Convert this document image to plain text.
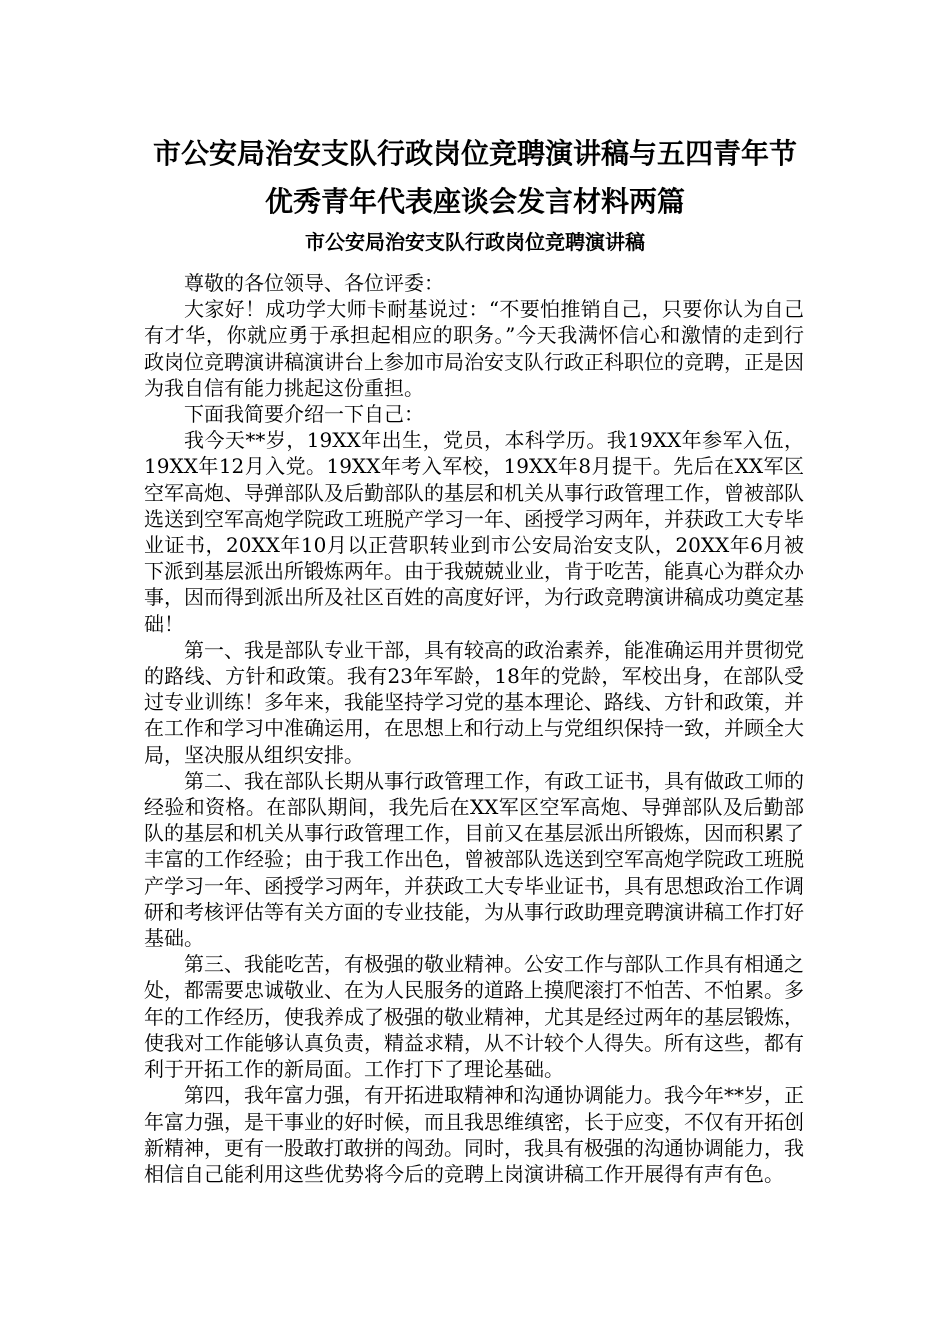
市公安局治安支队行政岗位竞聘演讲稿与五四青年节
优秀青年代表座谈会发言材料两篇
市公安局治安支队行政岗位竞聘演讲稿

尊敬的各位领导、各位评委：

大家好！成功学大师卡耐基说过：“不要怕推销自己，只要你认为自己有才华，你就应勇于承担起相应的职务。”今天我满怀信心和激情的走到行政岗位竞聘演讲稿演讲台上参加市局治安支队行政正科职位的竞聘，正是因为我自信有能力挑起这份重担。

下面我简要介绍一下自己：

我今天**岁，19XX年出生，党员，本科学历。我19XX年参军入伍，19XX年12月入党。19XX年考入军校，19XX年8月提干。先后在XX军区空军高炮、导弹部队及后勤部队的基层和机关从事行政管理工作，曾被部队选送到空军高炮学院政工班脱产学习一年、函授学习两年，并获政工大专毕业证书，20XX年10月以正营职转业到市公安局治安支队，20XX年6月被下派到基层派出所锻炼两年。由于我兢兢业业，肯于吃苦，能真心为群众办事，因而得到派出所及社区百姓的高度好评，为行政竞聘演讲稿成功奠定基础！

第一、我是部队专业干部，具有较高的政治素养，能准确运用并贯彻党的路线、方针和政策。我有23年军龄，18年的党龄，军校出身，在部队受过专业训练！多年来，我能坚持学习党的基本理论、路线、方针和政策，并在工作和学习中准确运用，在思想上和行动上与党组织保持一致，并顾全大局，坚决服从组织安排。

第二、我在部队长期从事行政管理工作，有政工证书，具有做政工师的经验和资格。在部队期间，我先后在XX军区空军高炮、导弹部队及后勤部队的基层和机关从事行政管理工作，目前又在基层派出所锻炼，因而积累了丰富的工作经验；由于我工作出色，曾被部队选送到空军高炮学院政工班脱产学习一年、函授学习两年，并获政工大专毕业证书，具有思想政治工作调研和考核评估等有关方面的专业技能，为从事行政助理竞聘演讲稿工作打好基础。

第三、我能吃苦，有极强的敬业精神。公安工作与部队工作具有相通之处，都需要忠诚敬业、在为人民服务的道路上摸爬滚打不怕苦、不怕累。多年的工作经历，使我养成了极强的敬业精神，尤其是经过两年的基层锻炼，使我对工作能够认真负责，精益求精，从不计较个人得失。所有这些，都有利于开拓工作的新局面。工作打下了理论基础。

第四，我年富力强，有开拓进取精神和沟通协调能力。我今年**岁，正年富力强，是干事业的好时候，而且我思维缜密，长于应变，不仅有开拓创新精神，更有一股敢打敢拼的闯劲。同时，我具有极强的沟通协调能力，我相信自己能利用这些优势将今后的竞聘上岗演讲稿工作开展得有声有色。
